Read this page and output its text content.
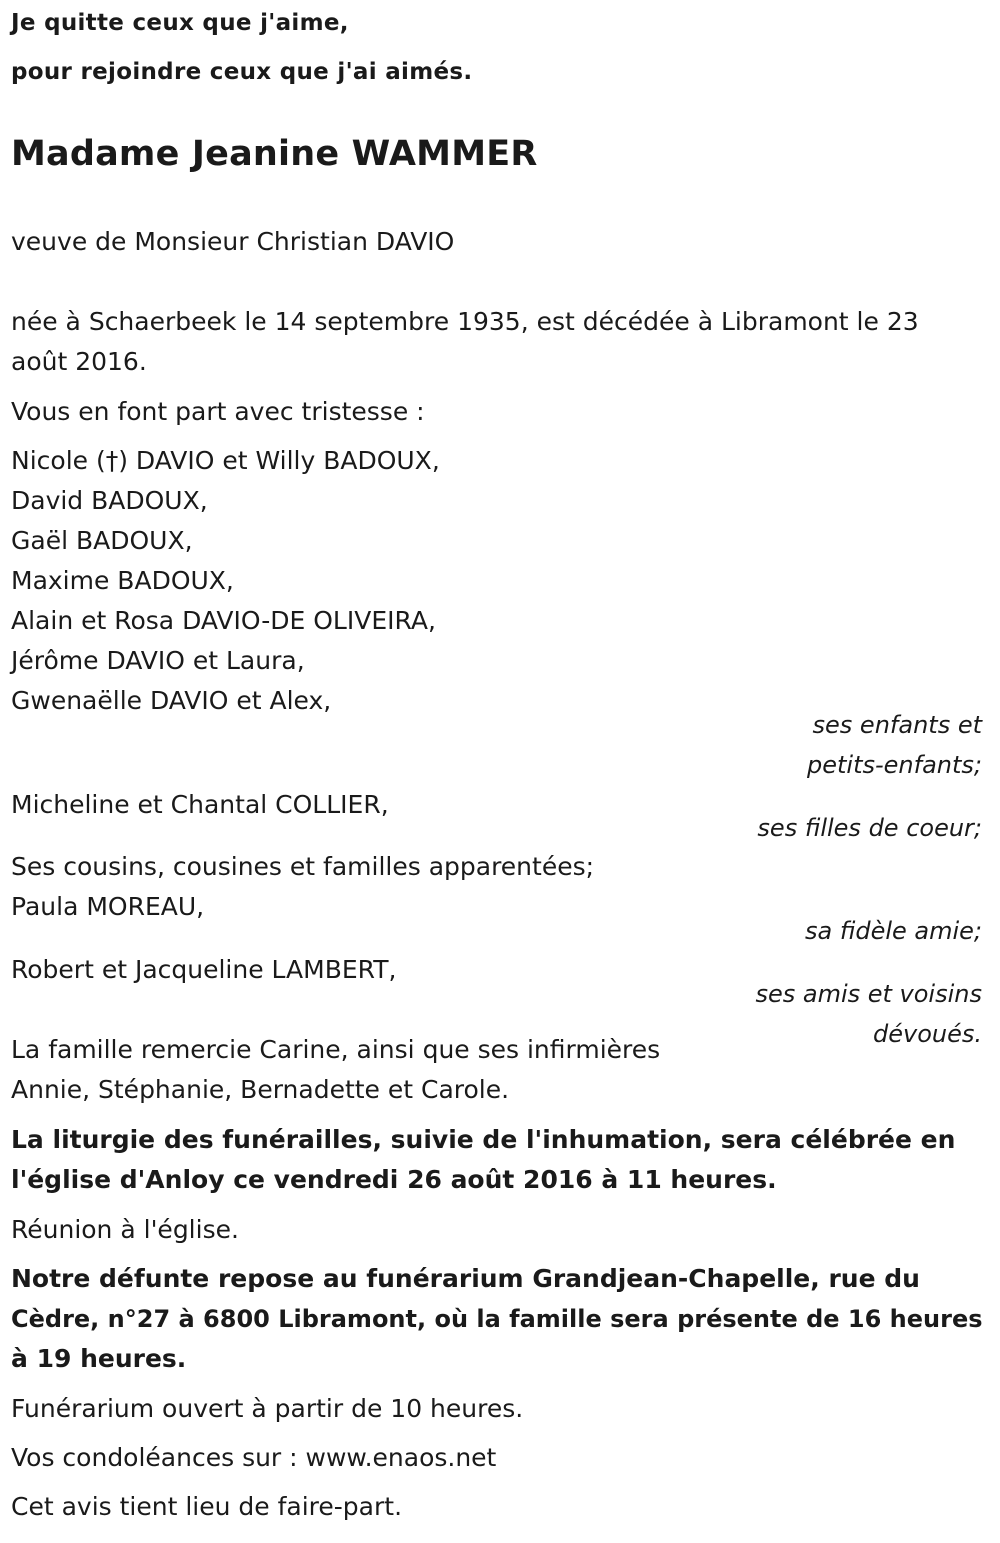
Je quitte ceux que j'aime,
pour rejoindre ceux que j'ai aimés.
Madame Jeanine WAMMER
veuve de Monsieur Christian DAVIO
née à Schaerbeek le 14 septembre 1935, est décédée à Libramont le 23
août 2016.
Vous en font part avec tristesse :
Nicole (†) DAVIO et Willy BADOUX,
David BADOUX,
Gaël BADOUX,
Maxime BADOUX,
Alain et Rosa DAVIO-DE OLIVEIRA,
Jérôme DAVIO et Laura,
Gwenaëlle DAVIO et Alex,
ses enfants et
petits-enfants;
Micheline et Chantal COLLIER,
ses filles de coeur;
Ses cousins, cousines et familles apparentées;
Paula MOREAU,
sa fidèle amie;
Robert et Jacqueline LAMBERT,
ses amis et voisins
dévoués.
La famille remercie Carine, ainsi que ses infirmières
Annie, Stéphanie, Bernadette et Carole.
La liturgie des funérailles, suivie de l'inhumation, sera célébrée en
l'église d'Anloy ce vendredi 26 août 2016 à 11 heures.
Réunion à l'église.
Notre défunte repose au funérarium Grandjean-Chapelle, rue du
Cèdre, n°27 à 6800 Libramont, où la famille sera présente de 16 heures
à 19 heures.
Funérarium ouvert à partir de 10 heures.
Vos condoléances sur : www.enaos.net
Cet avis tient lieu de faire-part.
